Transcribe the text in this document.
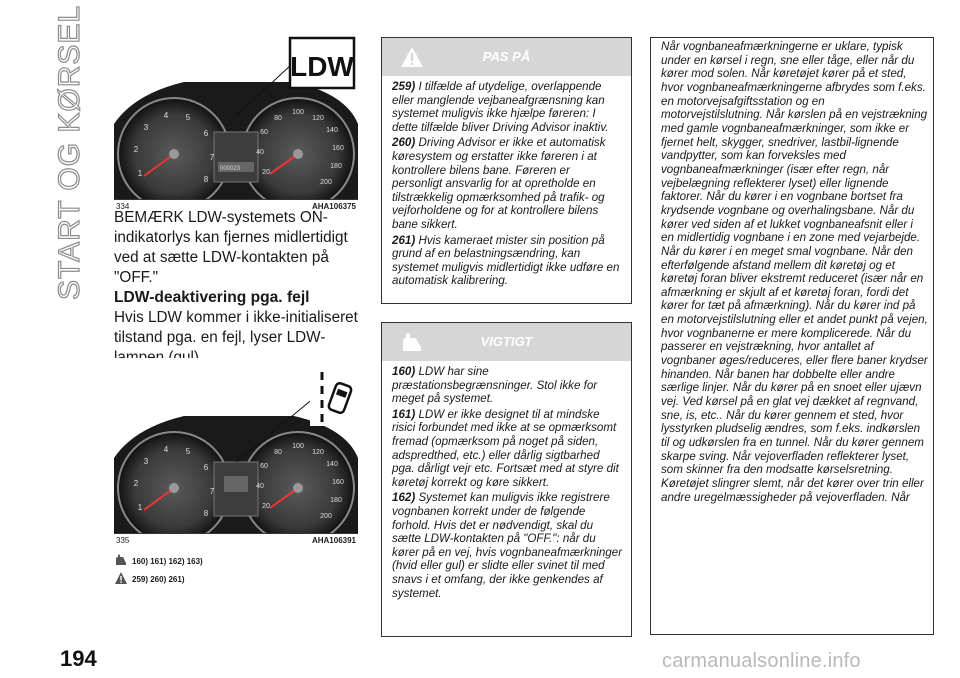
START OG KØRSEL	000023
1
2
3
4 5
6
7
8
20
40
60
80
100
120
140
160
180
200
LDW
334	AHA106375

BEMÆRK LDW-systemets ON-indikatorlys kan fjernes midlertidigt ved at sætte LDW-kontakten på "OFF."

LDW-deaktivering pga. fejl

Hvis LDW kommer i ikke-initialiseret tilstand pga. en fejl, lyser LDW-

1
2
3
4 5
6
7
8
20
40
60
80
100
120
140
160
180
200
335	AHA106391
160) 161) 162) 163)
259) 260) 261)
PAS PÅ

259) I tilfælde af utydelige, overlappende eller manglende vejbaneafgrænsning kan systemet muligvis ikke hjælpe føreren: I dette tilfælde bliver Driving Advisor inaktiv.

260) Driving Advisor er ikke et automatisk køresystem og erstatter ikke føreren i at kontrollere bilens bane. Føreren er personligt ansvarlig for at opretholde en tilstrækkelig opmærksomhed på trafik- og vejforholdene og for at kontrollere bilens bane sikkert.

261) Hvis kameraet mister sin position på grund af en belastningsændring, kan systemet muligvis midlertidigt ikke udføre en automatisk kalibrering.

VIGTIGT

160) LDW har sine præstationsbegrænsninger. Stol ikke for meget på systemet.

161) LDW er ikke designet til at mindske risici forbundet med ikke at se opmærksomt fremad (opmærksom på noget på siden, adspredthed, etc.) eller dårlig sigtbarhed pga. dårligt vejr etc. Fortsæt med at styre dit køretøj korrekt og køre sikkert.

162) Systemet kan muligvis ikke registrere vognbanen korrekt under de følgende forhold. Hvis det er nødvendigt, skal du sætte LDW-kontakten på "OFF.": når du kører på en vej, hvis vognbaneafmærkninger (hvid eller gul) er slidte eller svinet til med snavs i et omfang, der ikke genkendes af systemet.

Når vognbaneafmærkningerne er uklare, typisk under en kørsel i regn, sne eller tåge, eller når du kører mod solen. Når køretøjet kører på et sted, hvor vognbaneafmærkningerne afbrydes som f.eks. en motorvejsafgiftsstation og en motorvejstilslutning. Når kørslen på en vejstrækning med gamle vognbaneafmærkninger, som ikke er fjernet helt, skygger, snedriver, lastbil-lignende vandpytter, som kan forveksles med vognbaneafmærkninger (især efter regn, når vejbelægning reflekterer lyset) eller lignende faktorer. Når du kører i en vognbane bortset fra krydsende vognbane og overhalingsbane. Når du kører ved siden af et lukket vognbaneafsnit eller i en midlertidig vognbane i en zone med vejarbejde. Når du kører i en meget smal vognbane. Når den efterfølgende afstand mellem dit køretøj og et køretøj foran bliver ekstremt reduceret (især når en afmærkning er skjult af et køretøj foran, fordi det kører for tæt på afmærkning). Når du kører ind på en motorvejstilslutning eller et andet punkt på vejen, hvor vognbanerne er mere komplicerede. Når du passerer en vejstrækning, hvor antallet af vognbaner øges/reduceres, eller flere baner krydser hinanden. Når banen har dobbelte eller andre særlige linjer. Når du kører på en snoet eller ujævn vej. Ved kørsel på en glat vej dækket af regnvand, sne, is, etc.. Når du kører gennem et sted, hvor lysstyrken pludselig ændres, som f.eks. indkørslen til og udkørslen fra en tunnel. Når du kører gennem skarpe sving. Når vejoverfladen reflekterer lyset, som skinner fra den modsatte kørselsretning. Køretøjet slingrer slemt, når det kører over trin eller andre uregelmæssigheder på vejoverfladen. Når

194	carmanualsonline.info
